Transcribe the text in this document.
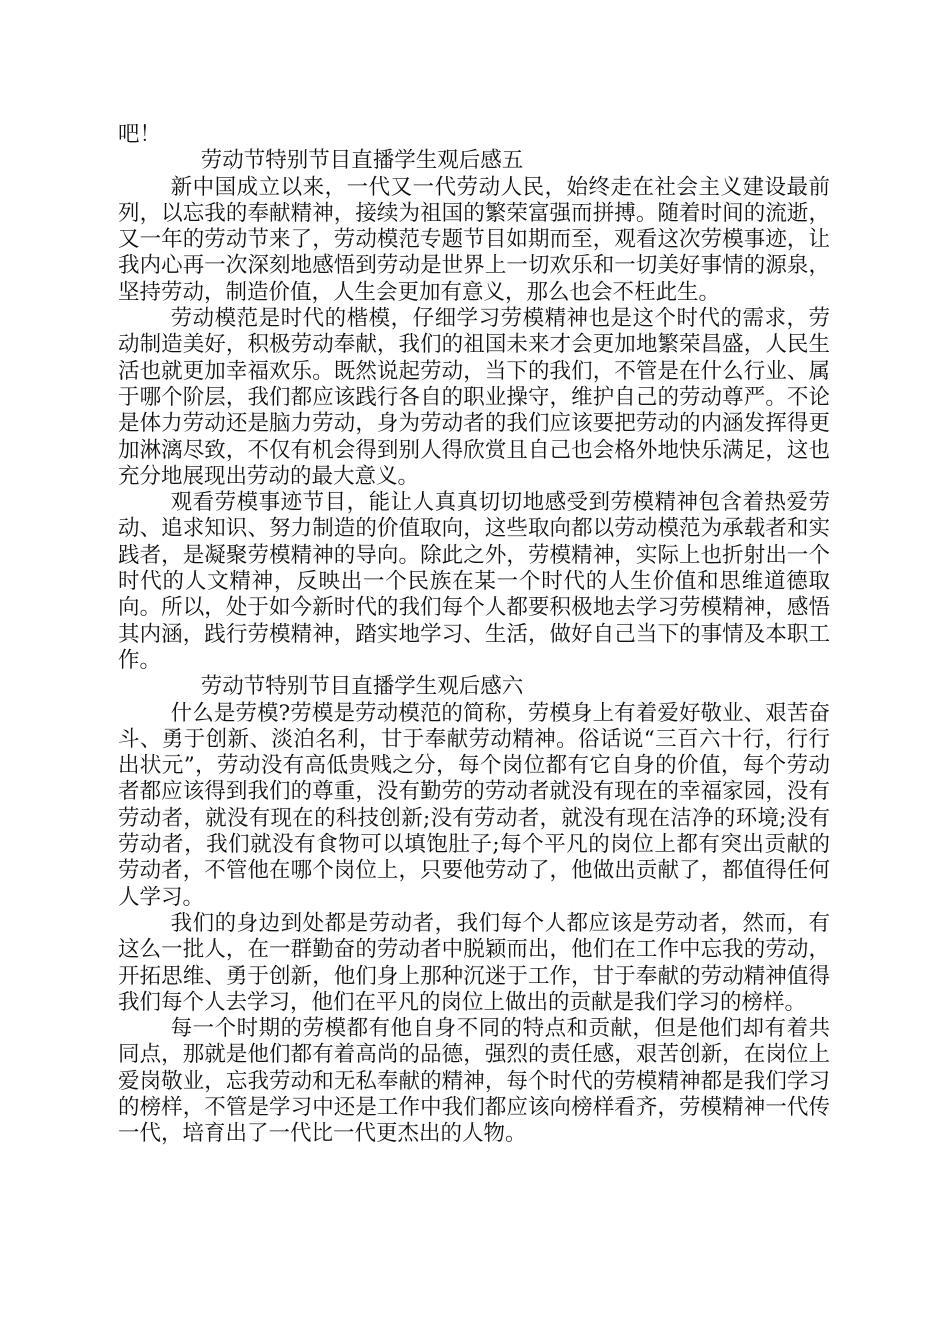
吧！

劳动节特别节目直播学生观后感五

新中国成立以来，一代又一代劳动人民，始终走在社会主义建设最前列，以忘我的奉献精神，接续为祖国的繁荣富强而拼搏。随着时间的流逝，又一年的劳动节来了，劳动模范专题节目如期而至，观看这次劳模事迹，让我内心再一次深刻地感悟到劳动是世界上一切欢乐和一切美好事情的源泉，坚持劳动，制造价值，人生会更加有意义，那么也会不枉此生。

劳动模范是时代的楷模，仔细学习劳模精神也是这个时代的需求，劳动制造美好，积极劳动奉献，我们的祖国未来才会更加地繁荣昌盛，人民生活也就更加幸福欢乐。既然说起劳动，当下的我们，不管是在什么行业、属于哪个阶层，我们都应该践行各自的职业操守，维护自己的劳动尊严。不论是体力劳动还是脑力劳动，身为劳动者的我们应该要把劳动的内涵发挥得更加淋漓尽致，不仅有机会得到别人得欣赏且自己也会格外地快乐满足，这也充分地展现出劳动的最大意义。

观看劳模事迹节目，能让人真真切切地感受到劳模精神包含着热爱劳动、追求知识、努力制造的价值取向，这些取向都以劳动模范为承载者和实践者，是凝聚劳模精神的导向。除此之外，劳模精神，实际上也折射出一个时代的人文精神，反映出一个民族在某一个时代的人生价值和思维道德取向。所以，处于如今新时代的我们每个人都要积极地去学习劳模精神，感悟其内涵，践行劳模精神，踏实地学习、生活，做好自己当下的事情及本职工作。

劳动节特别节目直播学生观后感六

什么是劳模?劳模是劳动模范的简称，劳模身上有着爱好敬业、艰苦奋斗、勇于创新、淡泊名利，甘于奉献劳动精神。俗话说“三百六十行，行行出状元”，劳动没有高低贵贱之分，每个岗位都有它自身的价值，每个劳动者都应该得到我们的尊重，没有勤劳的劳动者就没有现在的幸福家园，没有劳动者，就没有现在的科技创新;没有劳动者，就没有现在洁净的环境;没有劳动者，我们就没有食物可以填饱肚子;每个平凡的岗位上都有突出贡献的劳动者，不管他在哪个岗位上，只要他劳动了，他做出贡献了，都值得任何人学习。

我们的身边到处都是劳动者，我们每个人都应该是劳动者，然而，有这么一批人，在一群勤奋的劳动者中脱颖而出，他们在工作中忘我的劳动，开拓思维、勇于创新，他们身上那种沉迷于工作，甘于奉献的劳动精神值得我们每个人去学习，他们在平凡的岗位上做出的贡献是我们学习的榜样。

每一个时期的劳模都有他自身不同的特点和贡献，但是他们却有着共同点，那就是他们都有着高尚的品德，强烈的责任感，艰苦创新，在岗位上爱岗敬业，忘我劳动和无私奉献的精神，每个时代的劳模精神都是我们学习的榜样，不管是学习中还是工作中我们都应该向榜样看齐，劳模精神一代传一代，培育出了一代比一代更杰出的人物。
